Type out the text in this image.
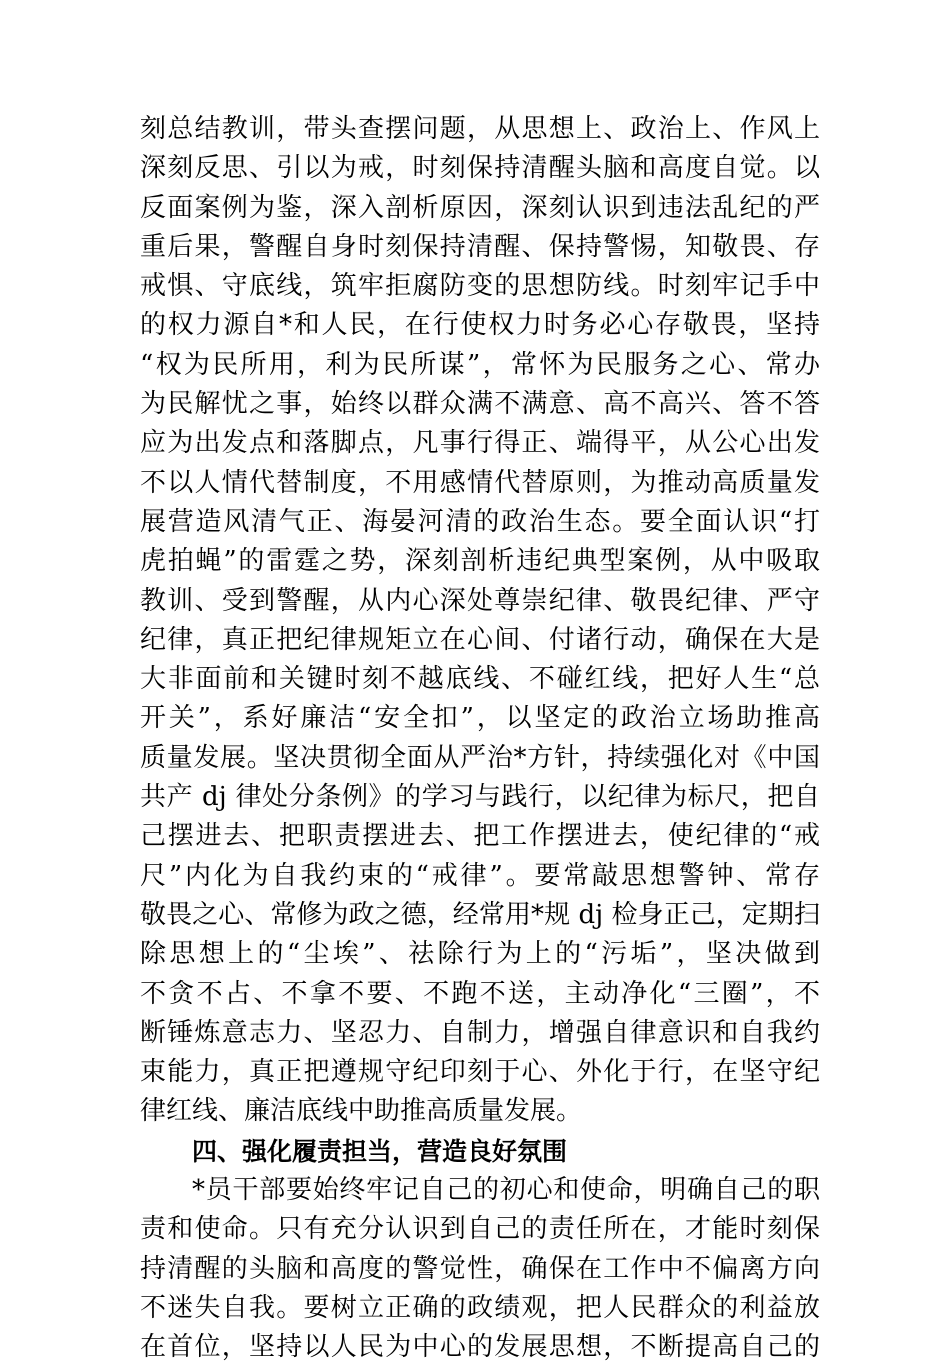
刻总结教训，带头查摆问题，从思想上、政治上、作风上
深刻反思、引以为戒，时刻保持清醒头脑和高度自觉。以
反面案例为鉴，深入剖析原因，深刻认识到违法乱纪的严
重后果，警醒自身时刻保持清醒、保持警惕，知敬畏、存
戒惧、守底线，筑牢拒腐防变的思想防线。时刻牢记手中
的权力源自*和人民，在行使权力时务必心存敬畏，坚持
“权为民所用，利为民所谋”，常怀为民服务之心、常办
为民解忧之事，始终以群众满不满意、高不高兴、答不答
应为出发点和落脚点，凡事行得正、端得平，从公心出发
不以人情代替制度，不用感情代替原则，为推动高质量发
展营造风清气正、海晏河清的政治生态。要全面认识“打
虎拍蝇”的雷霆之势，深刻剖析违纪典型案例，从中吸取
教训、受到警醒，从内心深处尊崇纪律、敬畏纪律、严守
纪律，真正把纪律规矩立在心间、付诸行动，确保在大是
大非面前和关键时刻不越底线、不碰红线，把好人生“总
开关”，系好廉洁“安全扣”，以坚定的政治立场助推高
质量发展。坚决贯彻全面从严治*方针，持续强化对《中国
共产 dj 律处分条例》的学习与践行，以纪律为标尺，把自
己摆进去、把职责摆进去、把工作摆进去，使纪律的“戒
尺”内化为自我约束的“戒律”。要常敲思想警钟、常存
敬畏之心、常修为政之德，经常用*规 dj 检身正己，定期扫
除思想上的“尘埃”、祛除行为上的“污垢”，坚决做到
不贪不占、不拿不要、不跑不送，主动净化“三圈”，不
断锤炼意志力、坚忍力、自制力，增强自律意识和自我约
束能力，真正把遵规守纪印刻于心、外化于行，在坚守纪
律红线、廉洁底线中助推高质量发展。
四、强化履责担当，营造良好氛围
*员干部要始终牢记自己的初心和使命，明确自己的职
责和使命。只有充分认识到自己的责任所在，才能时刻保
持清醒的头脑和高度的警觉性，确保在工作中不偏离方向
不迷失自我。要树立正确的政绩观，把人民群众的利益放
在首位，坚持以人民为中心的发展思想，不断提高自己的
